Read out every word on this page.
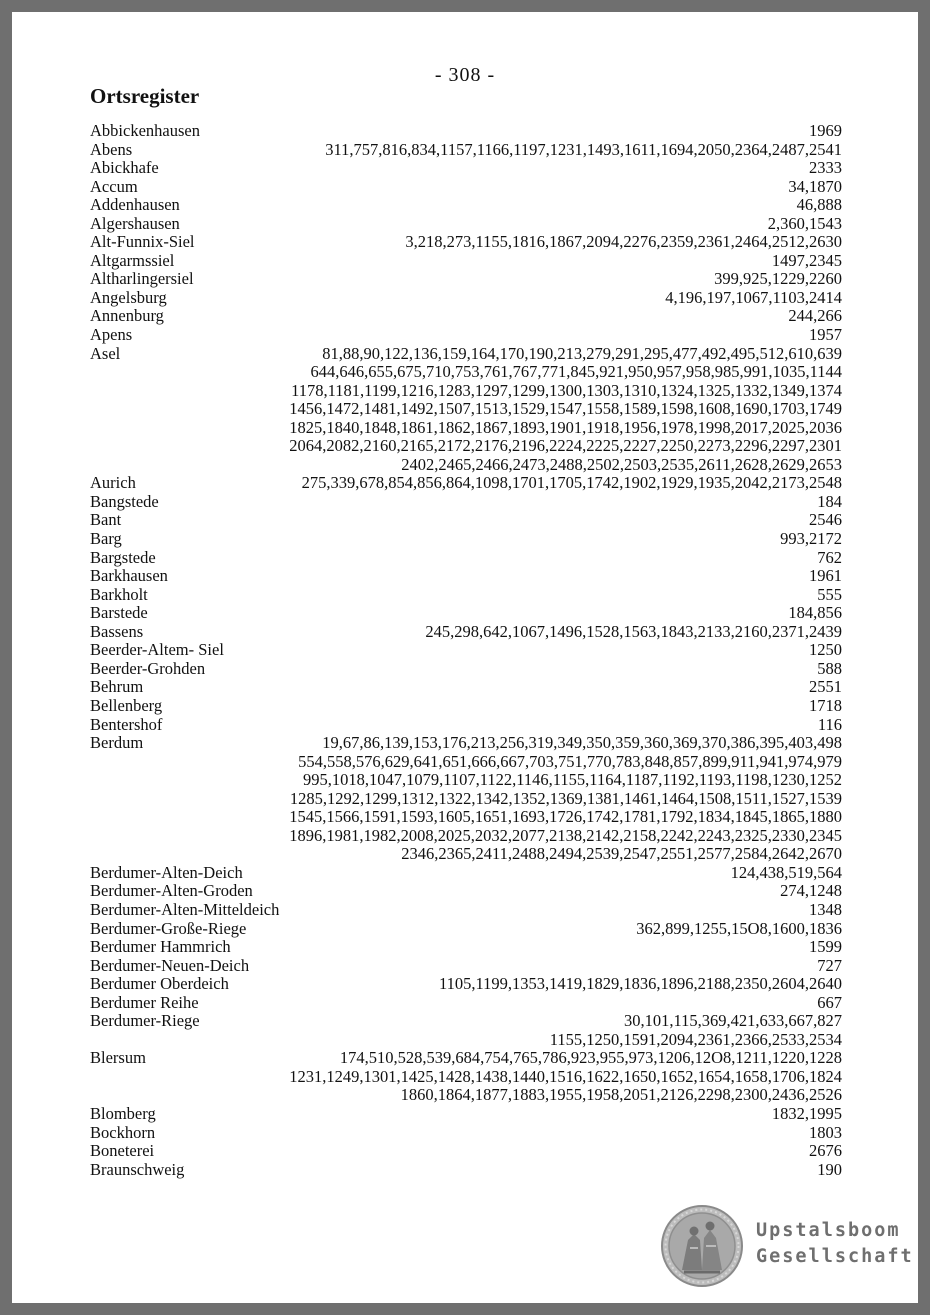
- 308 -
Ortsregister
Abbickenhausen	1969
Abens	311,757,816,834,1157,1166,1197,1231,1493,1611,1694,2050,2364,2487,2541
Abickhafe	2333
Accum	34,1870
Addenhausen	46,888
Algershausen	2,360,1543
Alt-Funnix-Siel	3,218,273,1155,1816,1867,2094,2276,2359,2361,2464,2512,2630
Altgarmssiel	1497,2345
Altharlingersiel	399,925,1229,2260
Angelsburg	4,196,197,1067,1103,2414
Annenburg	244,266
Apens	1957
Asel	81,88,90,122,136,159,164,170,190,213,279,291,295,477,492,495,512,610,639
644,646,655,675,710,753,761,767,771,845,921,950,957,958,985,991,1035,1144
1178,1181,1199,1216,1283,1297,1299,1300,1303,1310,1324,1325,1332,1349,1374
1456,1472,1481,1492,1507,1513,1529,1547,1558,1589,1598,1608,1690,1703,1749
1825,1840,1848,1861,1862,1867,1893,1901,1918,1956,1978,1998,2017,2025,2036
2064,2082,2160,2165,2172,2176,2196,2224,2225,2227,2250,2273,2296,2297,2301
2402,2465,2466,2473,2488,2502,2503,2535,2611,2628,2629,2653
Aurich	275,339,678,854,856,864,1098,1701,1705,1742,1902,1929,1935,2042,2173,2548
Bangstede	184
Bant	2546
Barg	993,2172
Bargstede	762
Barkhausen	1961
Barkholt	555
Barstede	184,856
Bassens	245,298,642,1067,1496,1528,1563,1843,2133,2160,2371,2439
Beerder-Altem- Siel	1250
Beerder-Grohden	588
Behrum	2551
Bellenberg	1718
Bentershof	116
Berdum	19,67,86,139,153,176,213,256,319,349,350,359,360,369,370,386,395,403,498
554,558,576,629,641,651,666,667,703,751,770,783,848,857,899,911,941,974,979
995,1018,1047,1079,1107,1122,1146,1155,1164,1187,1192,1193,1198,1230,1252
1285,1292,1299,1312,1322,1342,1352,1369,1381,1461,1464,1508,1511,1527,1539
1545,1566,1591,1593,1605,1651,1693,1726,1742,1781,1792,1834,1845,1865,1880
1896,1981,1982,2008,2025,2032,2077,2138,2142,2158,2242,2243,2325,2330,2345
2346,2365,2411,2488,2494,2539,2547,2551,2577,2584,2642,2670
Berdumer-Alten-Deich	124,438,519,564
Berdumer-Alten-Groden	274,1248
Berdumer-Alten-Mitteldeich	1348
Berdumer-Große-Riege	362,899,1255,15O8,1600,1836
Berdumer Hammrich	1599
Berdumer-Neuen-Deich	727
Berdumer Oberdeich	1105,1199,1353,1419,1829,1836,1896,2188,2350,2604,2640
Berdumer Reihe	667
Berdumer-Riege	30,101,115,369,421,633,667,827
1155,1250,1591,2094,2361,2366,2533,2534
Blersum	174,510,528,539,684,754,765,786,923,955,973,1206,12O8,1211,1220,1228
1231,1249,1301,1425,1428,1438,1440,1516,1622,1650,1652,1654,1658,1706,1824
1860,1864,1877,1883,1955,1958,2051,2126,2298,2300,2436,2526
Blomberg	1832,1995
Bockhorn	1803
Boneterei	2676
Braunschweig	190
Upstalsboom
Gesellschaft
